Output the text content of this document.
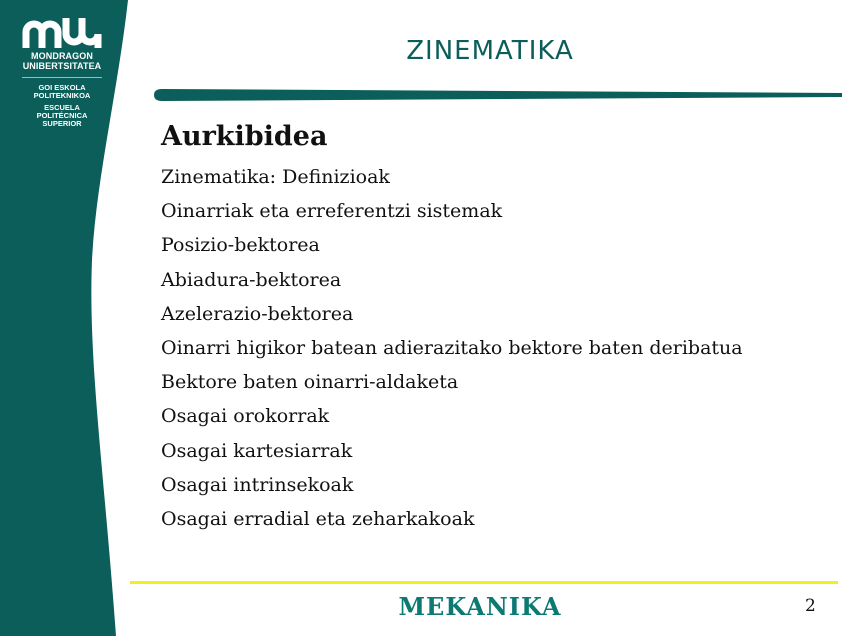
MONDRAGON
UNIBERTSITATEA
GOI ESKOLA
POLITEKNIKOA
ESCUELA
POLITÉCNICA
SUPERIOR
ZINEMATIKA
Aurkibidea
Zinematika: Definizioak
Oinarriak eta erreferentzi sistemak
Posizio-bektorea
Abiadura-bektorea
Azelerazio-bektorea
Oinarri higikor batean adierazitako bektore baten deribatua
Bektore baten oinarri-aldaketa
Osagai orokorrak
Osagai kartesiarrak
Osagai intrinsekoak
Osagai erradial eta zeharkakoak
MEKANIKA	2
